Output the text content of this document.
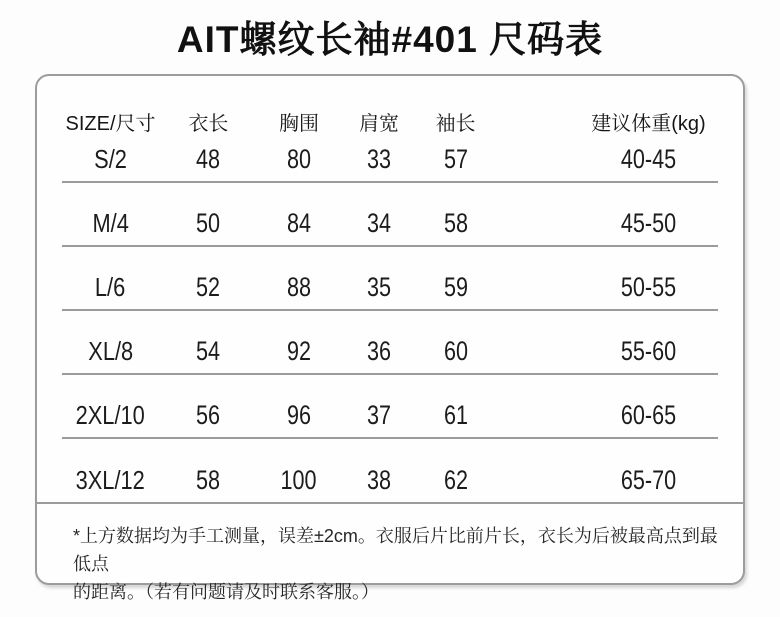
AIT螺纹长袖#401 尺码表
SIZE/尺寸	衣长	胸围	肩宽	袖长		建议体重(kg)
S/2	48	80	33	57		40-45
M/4	50	84	34	58		45-50
L/6	52	88	35	59		50-55
XL/8	54	92	36	60		55-60
2XL/10	56	96	37	61		60-65
3XL/12	58	100	38	62		65-70
*上方数据均为手工测量，误差±2cm。衣服后片比前片长，衣长为后被最高点到最低点
的距离。（若有问题请及时联系客服。）
